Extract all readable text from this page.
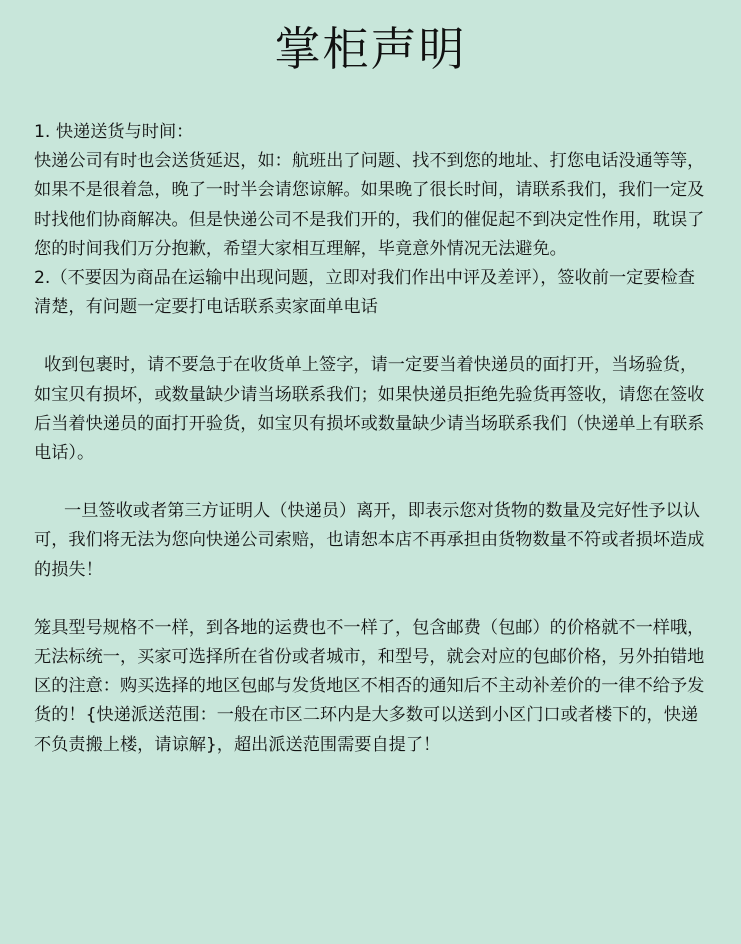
掌柜声明

1. 快递送货与时间：

快递公司有时也会送货延迟，如：航班出了问题、找不到您的地址、打您电话没通等等，如果不是很着急，晚了一时半会请您谅解。如果晚了很长时间，请联系我们，我们一定及时找他们协商解决。但是快递公司不是我们开的，我们的催促起不到决定性作用，耽误了您的时间我们万分抱歉，希望大家相互理解，毕竟意外情况无法避免。

2.（不要因为商品在运输中出现问题，立即对我们作出中评及差评），签收前一定要检查清楚，有问题一定要打电话联系卖家面单电话

收到包裹时，请不要急于在收货单上签字，请一定要当着快递员的面打开，当场验货，如宝贝有损坏，或数量缺少请当场联系我们；如果快递员拒绝先验货再签收，请您在签收后当着快递员的面打开验货，如宝贝有损坏或数量缺少请当场联系我们（快递单上有联系电话）。

一旦签收或者第三方证明人（快递员）离开，即表示您对货物的数量及完好性予以认可，我们将无法为您向快递公司索赔，也请恕本店不再承担由货物数量不符或者损坏造成的损失！

笼具型号规格不一样，到各地的运费也不一样了，包含邮费（包邮）的价格就不一样哦，无法标统一，买家可选择所在省份或者城市，和型号，就会对应的包邮价格，另外拍错地区的注意：购买选择的地区包邮与发货地区不相否的通知后不主动补差价的一律不给予发货的！{快递派送范围：一般在市区二环内是大多数可以送到小区门口或者楼下的，快递不负责搬上楼，请谅解}，超出派送范围需要自提了！
